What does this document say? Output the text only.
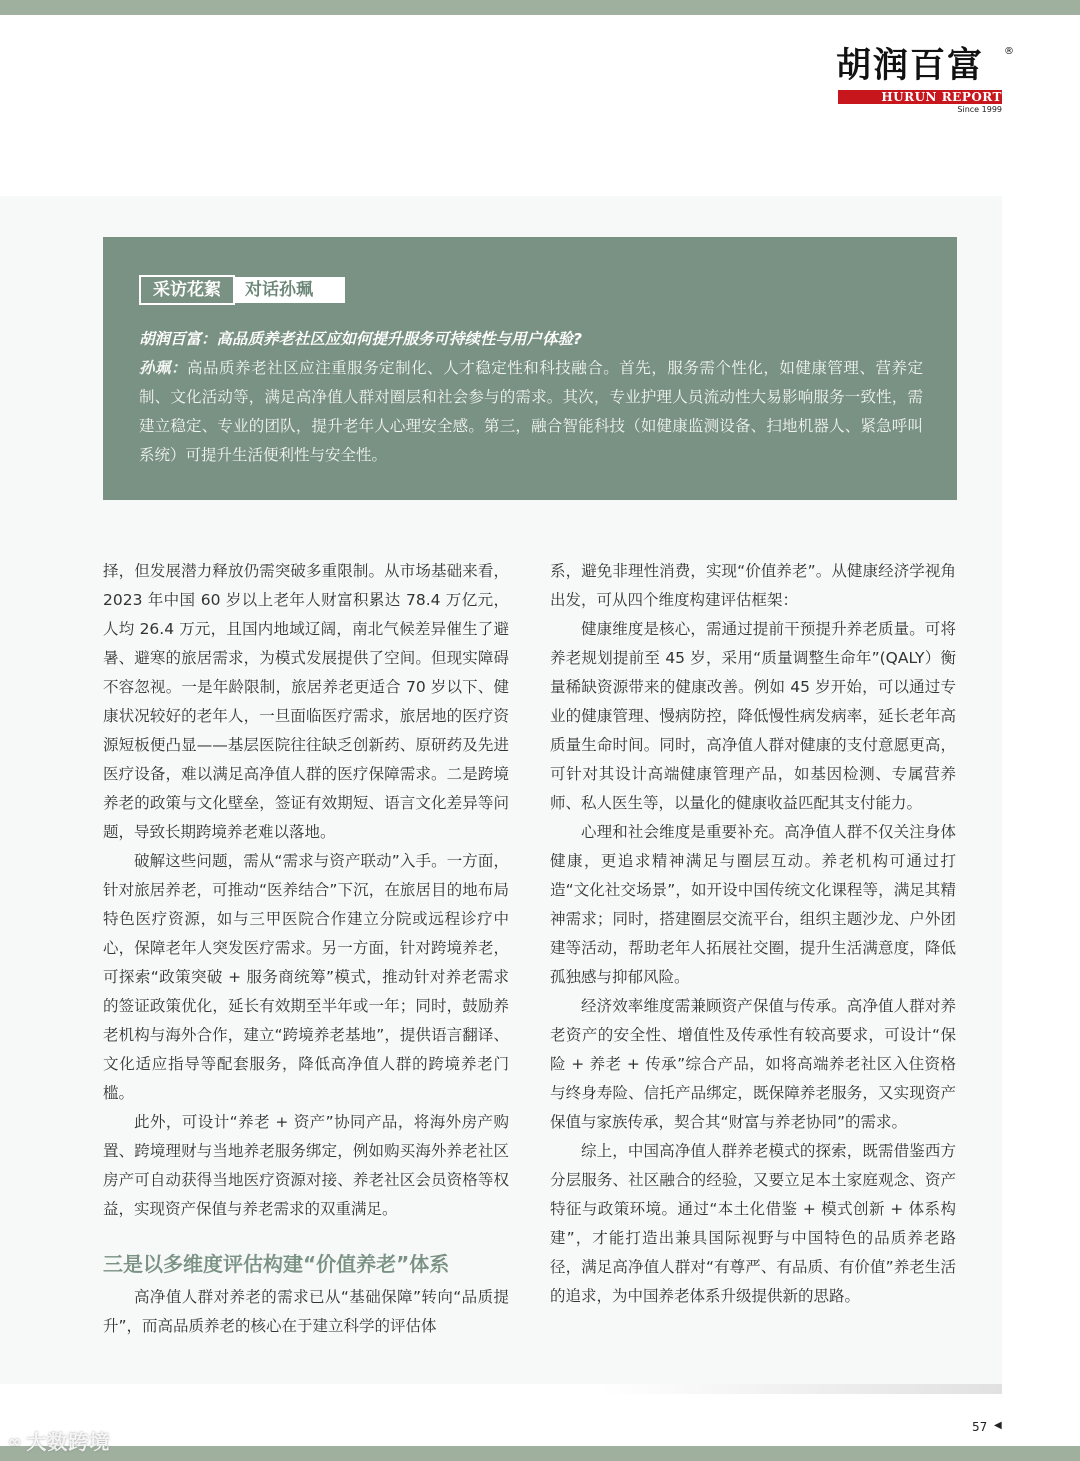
胡润百富 ®
HURUN REPORT
Since 1999
采访花絮	对话孙珮
胡润百富：高品质养老社区应如何提升服务可持续性与用户体验?
孙珮：高品质养老社区应注重服务定制化、人才稳定性和科技融合。首先，服务需个性化，如健康管理、营养定制、文化活动等，满足高净值人群对圈层和社会参与的需求。其次，专业护理人员流动性大易影响服务一致性，需建立稳定、专业的团队，提升老年人心理安全感。第三，融合智能科技（如健康监测设备、扫地机器人、紧急呼叫系统）可提升生活便利性与安全性。

择，但发展潜力释放仍需突破多重限制。从市场基础来看，2023 年中国 60 岁以上老年人财富积累达 78.4 万亿元，人均 26.4 万元，且国内地域辽阔，南北气候差异催生了避暑、避寒的旅居需求，为模式发展提供了空间。但现实障碍不容忽视。一是年龄限制，旅居养老更适合 70 岁以下、健康状况较好的老年人，一旦面临医疗需求，旅居地的医疗资源短板便凸显——基层医院往往缺乏创新药、原研药及先进医疗设备，难以满足高净值人群的医疗保障需求。二是跨境养老的政策与文化壁垒，签证有效期短、语言文化差异等问题，导致长期跨境养老难以落地。

破解这些问题，需从“需求与资产联动”入手。一方面，针对旅居养老，可推动“医养结合”下沉，在旅居目的地布局特色医疗资源，如与三甲医院合作建立分院或远程诊疗中心，保障老年人突发医疗需求。另一方面，针对跨境养老，可探索“政策突破 + 服务商统筹”模式，推动针对养老需求的签证政策优化，延长有效期至半年或一年；同时，鼓励养老机构与海外合作，建立“跨境养老基地”，提供语言翻译、文化适应指导等配套服务，降低高净值人群的跨境养老门槛。

此外，可设计“养老 + 资产”协同产品，将海外房产购置、跨境理财与当地养老服务绑定，例如购买海外养老社区房产可自动获得当地医疗资源对接、养老社区会员资格等权益，实现资产保值与养老需求的双重满足。

三是以多维度评估构建“价值养老”体系

高净值人群对养老的需求已从“基础保障”转向“品质提升”，而高品质养老的核心在于建立科学的评估体

系，避免非理性消费，实现“价值养老”。从健康经济学视角出发，可从四个维度构建评估框架：

健康维度是核心，需通过提前干预提升养老质量。可将养老规划提前至 45 岁，采用“质量调整生命年”(QALY）衡量稀缺资源带来的健康改善。例如 45 岁开始，可以通过专业的健康管理、慢病防控，降低慢性病发病率，延长老年高质量生命时间。同时，高净值人群对健康的支付意愿更高，可针对其设计高端健康管理产品，如基因检测、专属营养师、私人医生等，以量化的健康收益匹配其支付能力。

心理和社会维度是重要补充。高净值人群不仅关注身体健康，更追求精神满足与圈层互动。养老机构可通过打造“文化社交场景”，如开设中国传统文化课程等，满足其精神需求；同时，搭建圈层交流平台，组织主题沙龙、户外团建等活动，帮助老年人拓展社交圈，提升生活满意度，降低孤独感与抑郁风险。

经济效率维度需兼顾资产保值与传承。高净值人群对养老资产的安全性、增值性及传承性有较高要求，可设计“保险 + 养老 + 传承”综合产品，如将高端养老社区入住资格与终身寿险、信托产品绑定，既保障养老服务，又实现资产保值与家族传承，契合其“财富与养老协同”的需求。

综上，中国高净值人群养老模式的探索，既需借鉴西方分层服务、社区融合的经验，又要立足本土家庭观念、资产特征与政策环境。通过“本土化借鉴 + 模式创新 + 体系构建”，才能打造出兼具国际视野与中国特色的品质养老路径，满足高净值人群对“有尊严、有品质、有价值”养老生活的追求，为中国养老体系升级提供新的思路。

57 ◀
∞ 大数跨境
